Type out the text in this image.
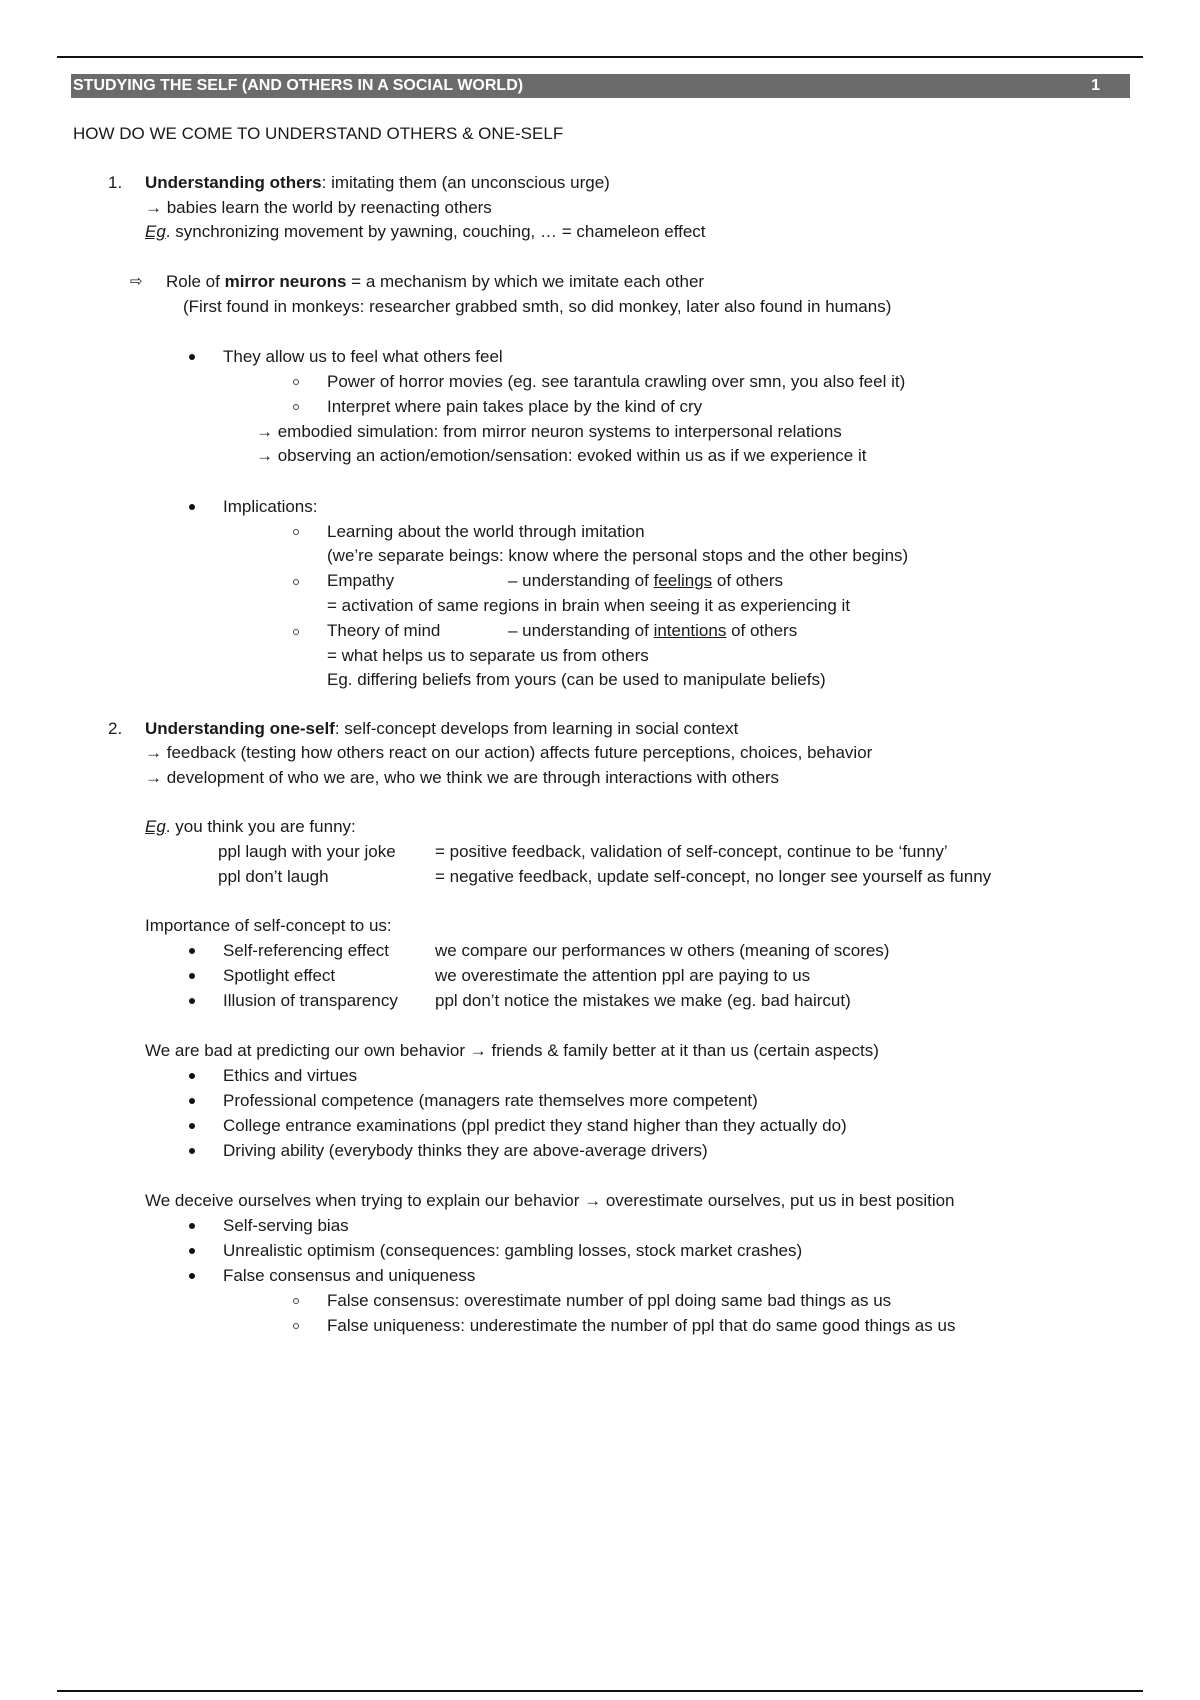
STUDYING THE SELF (AND OTHERS IN A SOCIAL WORLD)	1
HOW DO WE COME TO UNDERSTAND OTHERS & ONE-SELF
1. Understanding others: imitating them (an unconscious urge)
→ babies learn the world by reenacting others
Eg. synchronizing movement by yawning, couching, … = chameleon effect
⇨ Role of mirror neurons = a mechanism by which we imitate each other
(First found in monkeys: researcher grabbed smth, so did monkey, later also found in humans)
They allow us to feel what others feel
Power of horror movies (eg. see tarantula crawling over smn, you also feel it)
Interpret where pain takes place by the kind of cry
→ embodied simulation: from mirror neuron systems to interpersonal relations
→ observing an action/emotion/sensation: evoked within us as if we experience it
Implications:
Learning about the world through imitation
(we’re separate beings: know where the personal stops and the other begins)
Empathy	– understanding of feelings of others
= activation of same regions in brain when seeing it as experiencing it
Theory of mind	– understanding of intentions of others
= what helps us to separate us from others
Eg. differing beliefs from yours (can be used to manipulate beliefs)
2. Understanding one-self: self-concept develops from learning in social context
→ feedback (testing how others react on our action) affects future perceptions, choices, behavior
→ development of who we are, who we think we are through interactions with others
Eg. you think you are funny:
ppl laugh with your joke = positive feedback, validation of self-concept, continue to be ‘funny’
ppl don’t laugh	= negative feedback, update self-concept, no longer see yourself as funny
Importance of self-concept to us:
Self-referencing effect	we compare our performances w others (meaning of scores)
Spotlight effect	we overestimate the attention ppl are paying to us
Illusion of transparency ppl don’t notice the mistakes we make (eg. bad haircut)
We are bad at predicting our own behavior → friends & family better at it than us (certain aspects)
Ethics and virtues
Professional competence (managers rate themselves more competent)
College entrance examinations (ppl predict they stand higher than they actually do)
Driving ability (everybody thinks they are above-average drivers)
We deceive ourselves when trying to explain our behavior → overestimate ourselves, put us in best position
Self-serving bias
Unrealistic optimism (consequences: gambling losses, stock market crashes)
False consensus and uniqueness
False consensus: overestimate number of ppl doing same bad things as us
False uniqueness: underestimate the number of ppl that do same good things as us
